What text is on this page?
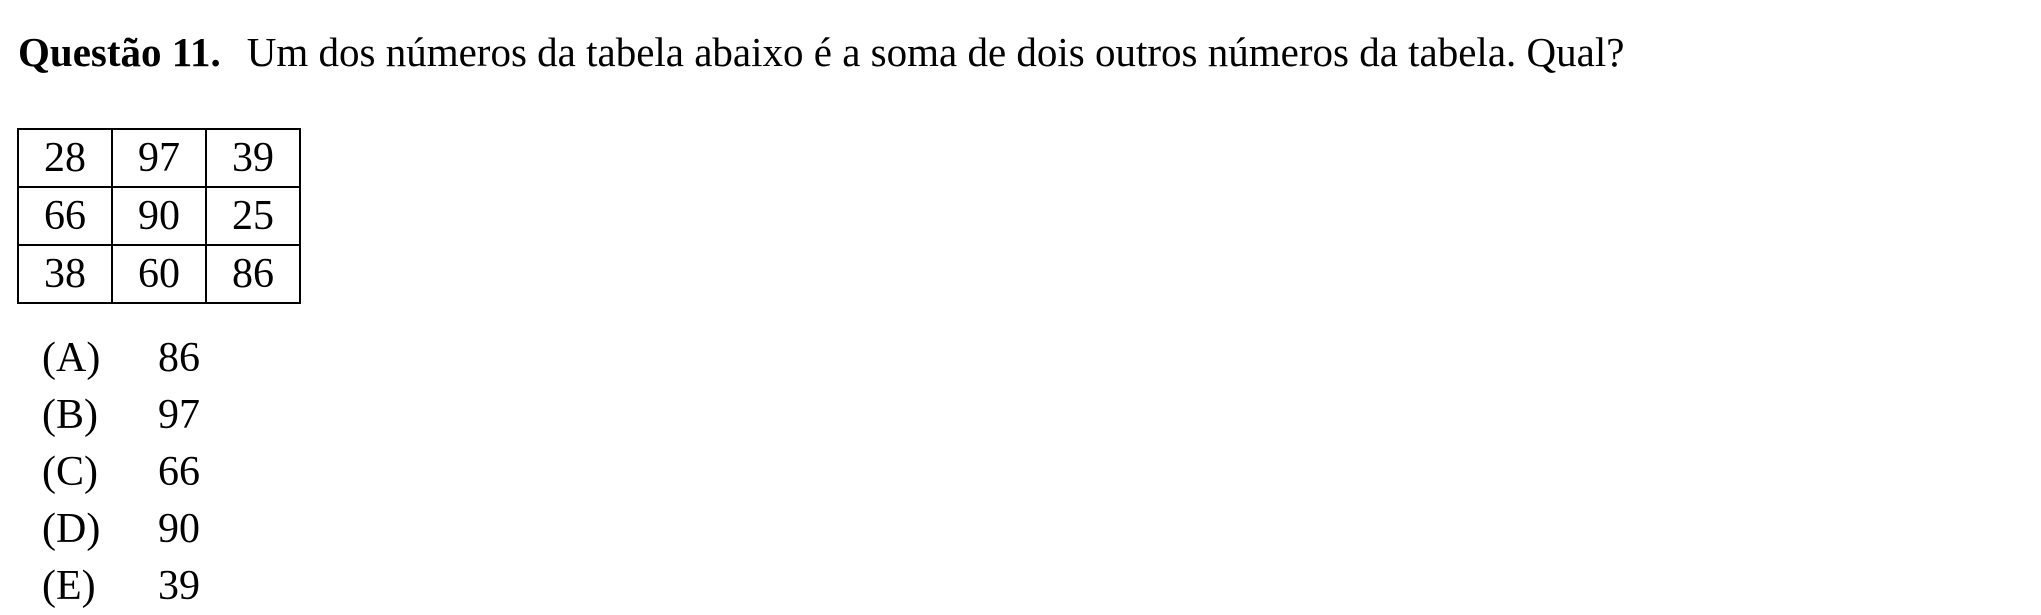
Questão 11. Um dos números da tabela abaixo é a soma de dois outros números da tabela. Qual?
28	97	39
66	90	25
38	60	86
(A)	86
(B)	97
(C)	66
(D)	90
(E)	39
